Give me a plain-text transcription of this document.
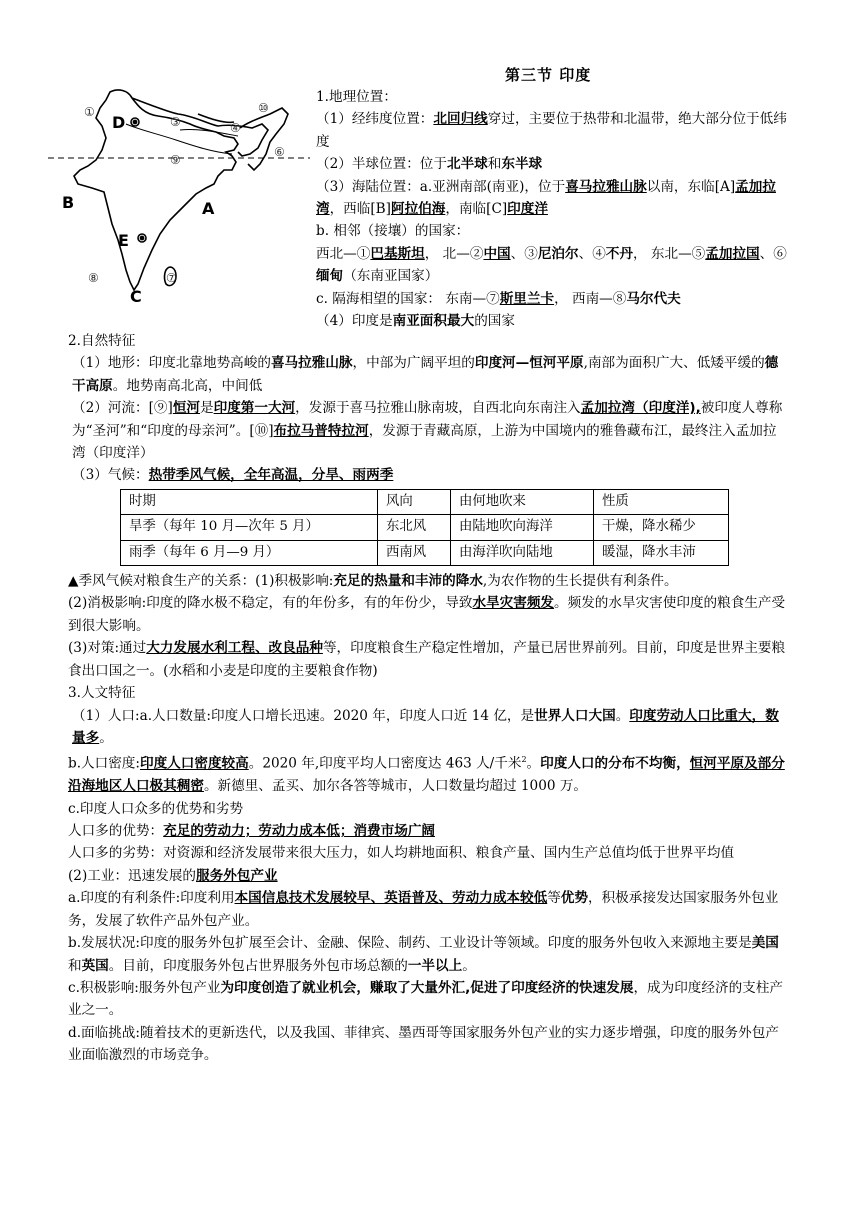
第三节 印度
D
B	A
E
C
①
③	④
⑩
⑥
⑨
⑧	⑦

1.地理位置：

（1）经纬度位置：北回归线穿过，主要位于热带和北温带，绝大部分位于低纬度

（2）半球位置：位于北半球和东半球

（3）海陆位置：a.亚洲南部(南亚)，位于喜马拉雅山脉以南，东临[A]孟加拉湾，西临[B]阿拉伯海，南临[C]印度洋

b. 相邻（接壤）的国家：

西北—①巴基斯坦， 北—②中国、③尼泊尔、④不丹， 东北—⑤孟加拉国、⑥缅甸（东南亚国家）

c. 隔海相望的国家： 东南—⑦斯里兰卡， 西南—⑧马尔代夫

（4）印度是南亚面积最大的国家

2.自然特征

（1）地形：印度北靠地势高峻的喜马拉雅山脉，中部为广阔平坦的印度河—恒河平原,南部为面积广大、低矮平缓的德干高原。地势南高北高，中间低

（2）河流：[⑨]恒河是印度第一大河，发源于喜马拉雅山脉南坡，自西北向东南注入孟加拉湾（印度洋),被印度人尊称为“圣河”和“印度的母亲河”。[⑩]布拉马普特拉河，发源于青藏高原，上游为中国境内的雅鲁藏布江，最终注入孟加拉湾（印度洋）

（3）气候：热带季风气候，全年高温，分旱、雨两季

时期	风向	由何地吹来	性质
旱季（每年 10 月—次年 5 月）	东北风	由陆地吹向海洋	干燥，降水稀少
雨季（每年 6 月—9 月）	西南风	由海洋吹向陆地	暖湿，降水丰沛

▲季风气候对粮食生产的关系：(1)积极影响:充足的热量和丰沛的降水,为农作物的生长提供有利条件。

(2)消极影响:印度的降水极不稳定，有的年份多，有的年份少，导致水旱灾害频发。频发的水旱灾害使印度的粮食生产受到很大影响。

(3)对策:通过大力发展水利工程、改良品种等，印度粮食生产稳定性增加，产量已居世界前列。目前，印度是世界主要粮食出口国之一。(水稻和小麦是印度的主要粮食作物)

3.人文特征

（1）人口:a.人口数量:印度人口增长迅速。2020 年，印度人口近 14 亿，是世界人口大国。印度劳动人口比重大，数量多。

b.人口密度:印度人口密度较高。2020 年,印度平均人口密度达 463 人/千米$^2$。印度人口的分布不均衡，恒河平原及部分沿海地区人口极其稠密。新德里、孟买、加尔各答等城市，人口数量均超过 1000 万。

c.印度人口众多的优势和劣势

人口多的优势：充足的劳动力；劳动力成本低；消费市场广阔

人口多的劣势：对资源和经济发展带来很大压力，如人均耕地面积、粮食产量、国内生产总值均低于世界平均值

(2)工业：迅速发展的服务外包产业

a.印度的有利条件:印度利用本国信息技术发展较早、英语普及、劳动力成本较低等优势，积极承接发达国家服务外包业务，发展了软件产品外包产业。

b.发展状况:印度的服务外包扩展至会计、金融、保险、制药、工业设计等领域。印度的服务外包收入来源地主要是美国和英国。目前，印度服务外包占世界服务外包市场总额的一半以上。

c.积极影响:服务外包产业为印度创造了就业机会，赚取了大量外汇,促进了印度经济的快速发展，成为印度经济的支柱产业之一。

d.面临挑战:随着技术的更新迭代，以及我国、菲律宾、墨西哥等国家服务外包产业的实力逐步增强，印度的服务外包产业面临激烈的市场竞争。
